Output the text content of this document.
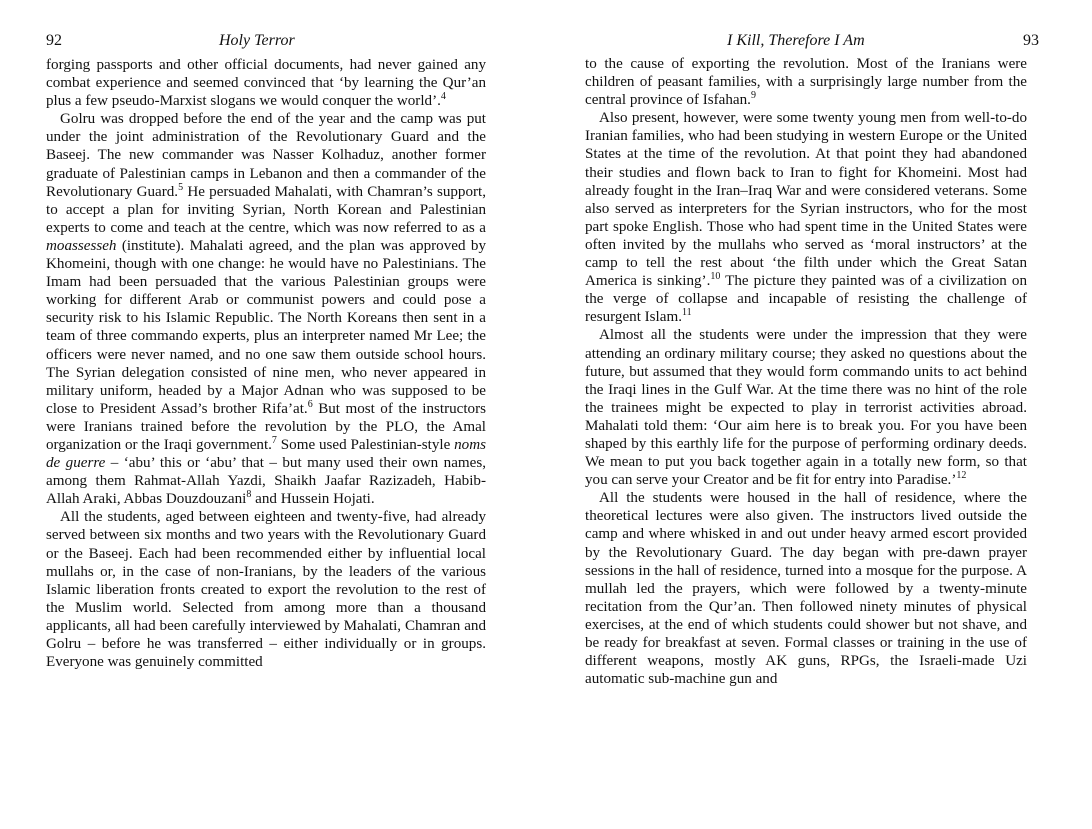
92	Holy Terror

forging passports and other official documents, had never gained any combat experience and seemed convinced that ‘by learning the Qur’an plus a few pseudo-Marxist slogans we would conquer the world’.$^4$

Golru was dropped before the end of the year and the camp was put under the joint administration of the Revolutionary Guard and the Baseej. The new commander was Nasser Kolhaduz, another former graduate of Palestinian camps in Lebanon and then a commander of the Revolutionary Guard.$^5$ He persuaded Mahalati, with Chamran’s support, to accept a plan for inviting Syrian, North Korean and Palestinian experts to come and teach at the centre, which was now referred to as a moassesseh (institute). Mahalati agreed, and the plan was approved by Khomeini, though with one change: he would have no Palestinians. The Imam had been persuaded that the various Palestinian groups were working for different Arab or communist powers and could pose a security risk to his Islamic Republic. The North Koreans then sent in a team of three commando experts, plus an interpreter named Mr Lee; the officers were never named, and no one saw them outside school hours. The Syrian delegation consisted of nine men, who never appeared in military uniform, headed by a Major Adnan who was supposed to be close to President Assad’s brother Rifa’at.$^6$ But most of the instructors were Iranians trained before the revolution by the PLO, the Amal organization or the Iraqi government.$^7$ Some used Palestinian-style noms de guerre – ‘abu’ this or ‘abu’ that – but many used their own names, among them Rahmat-Allah Yazdi, Shaikh Jaafar Razizadeh, Habib-Allah Araki, Abbas Douzdouzani$^8$ and Hussein Hojati.

All the students, aged between eighteen and twenty-five, had already served between six months and two years with the Revolutionary Guard or the Baseej. Each had been recommended either by influential local mullahs or, in the case of non-Iranians, by the leaders of the various Islamic liberation fronts created to export the revolution to the rest of the Muslim world. Selected from among more than a thousand applicants, all had been carefully interviewed by Mahalati, Chamran and Golru – before he was transferred – either individually or in groups. Everyone was genuinely committed

I Kill, Therefore I Am	93

to the cause of exporting the revolution. Most of the Iranians were children of peasant families, with a surprisingly large number from the central province of Isfahan.$^9$

Also present, however, were some twenty young men from well-to-do Iranian families, who had been studying in western Europe or the United States at the time of the revolution. At that point they had abandoned their studies and flown back to Iran to fight for Khomeini. Most had already fought in the Iran–Iraq War and were considered veterans. Some also served as interpreters for the Syrian instructors, who for the most part spoke English. Those who had spent time in the United States were often invited by the mullahs who served as ‘moral instructors’ at the camp to tell the rest about ‘the filth under which the Great Satan America is sinking’.$^{10}$ The picture they painted was of a civilization on the verge of collapse and incapable of resisting the challenge of resurgent Islam.$^{11}$

Almost all the students were under the impression that they were attending an ordinary military course; they asked no questions about the future, but assumed that they would form commando units to act behind the Iraqi lines in the Gulf War. At the time there was no hint of the role the trainees might be expected to play in terrorist activities abroad. Mahalati told them: ‘Our aim here is to break you. For you have been shaped by this earthly life for the purpose of performing ordinary deeds. We mean to put you back together again in a totally new form, so that you can serve your Creator and be fit for entry into Paradise.’$^{12}$

All the students were housed in the hall of residence, where the theoretical lectures were also given. The instructors lived outside the camp and where whisked in and out under heavy armed escort provided by the Revolutionary Guard. The day began with pre-dawn prayer sessions in the hall of residence, turned into a mosque for the purpose. A mullah led the prayers, which were followed by a twenty-minute recitation from the Qur’an. Then followed ninety minutes of physical exercises, at the end of which students could shower but not shave, and be ready for breakfast at seven. Formal classes or training in the use of different weapons, mostly AK guns, RPGs, the Israeli-made Uzi automatic sub-machine gun and
